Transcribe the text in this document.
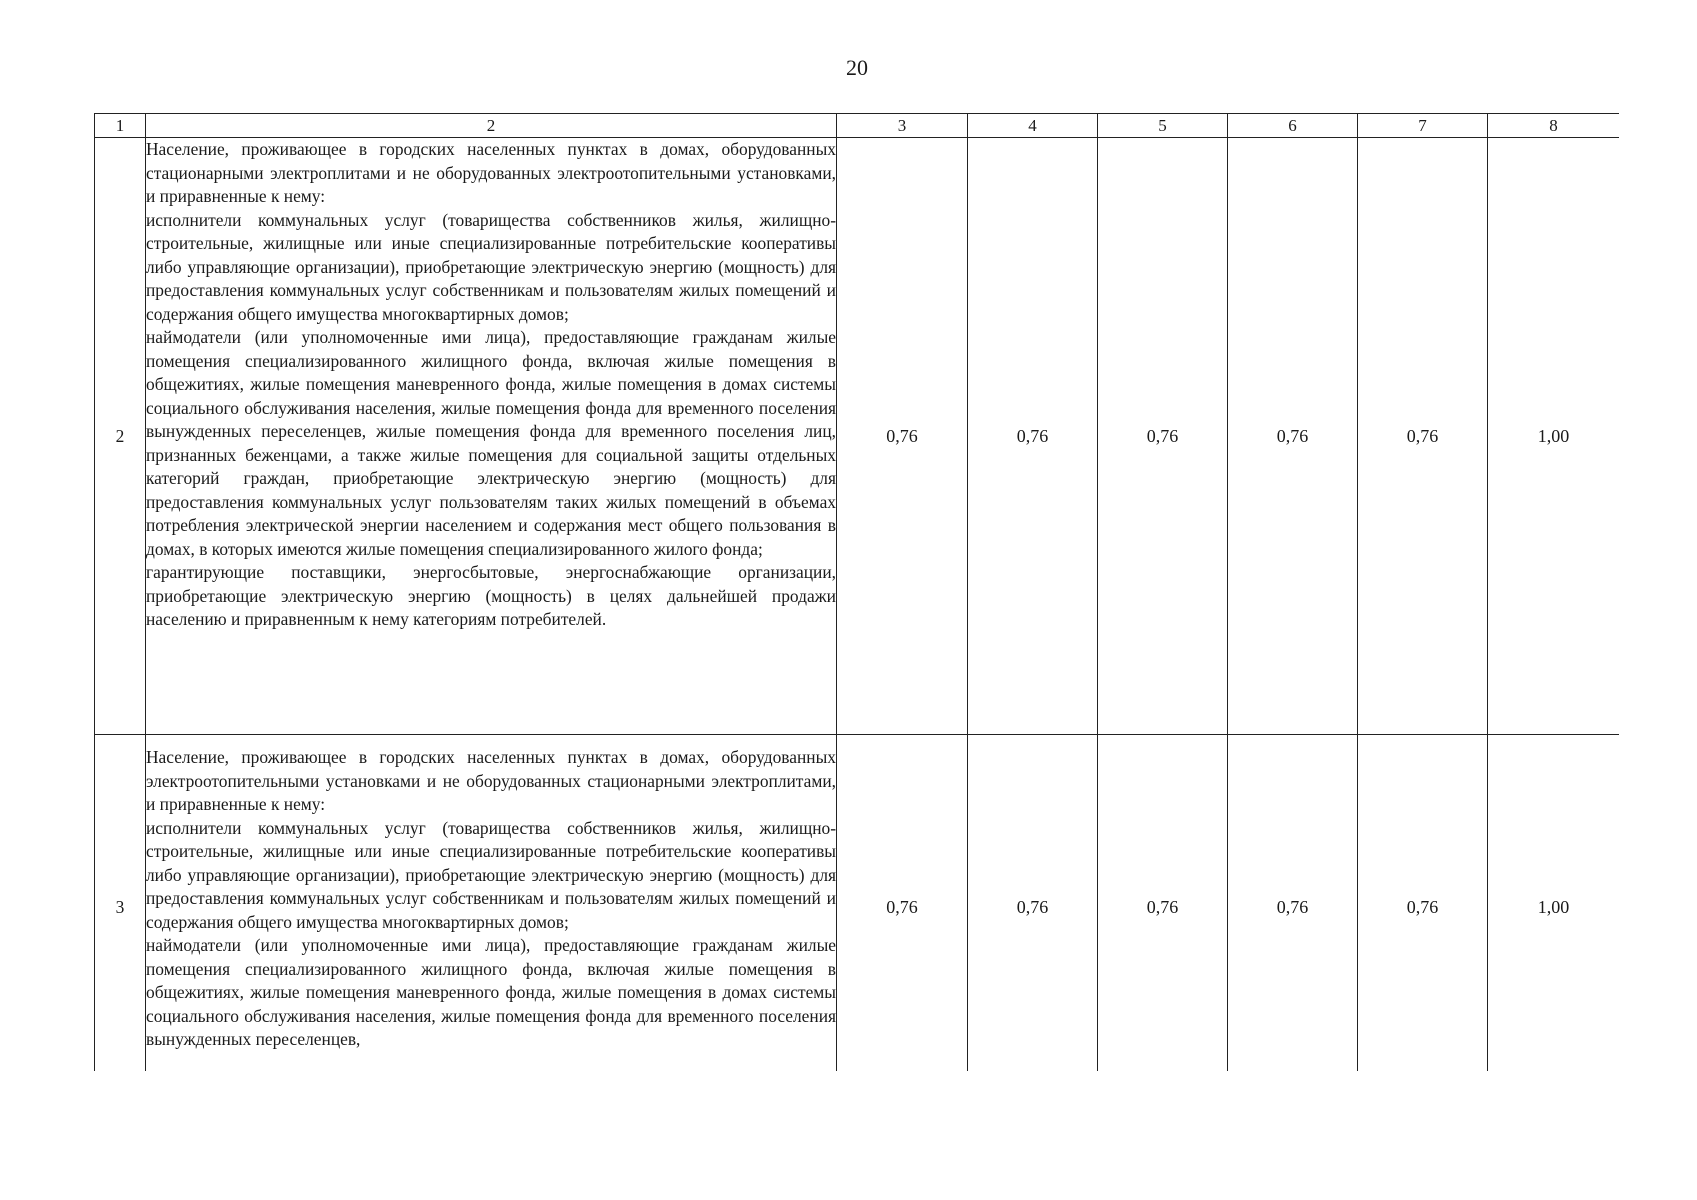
20
1	2	3	4	5	6	7	8
2	Население, проживающее в городских населенных пунктах в домах, оборудованных стационарными электроплитами и не оборудованных электроотопительными установками, и приравненные к нему:
исполнители коммунальных услуг (товарищества собственников жилья, жилищно-строительные, жилищные или иные специализированные потребительские кооперативы либо управляющие организации), приобретающие электрическую энергию (мощность) для предоставления коммунальных услуг собственникам и пользователям жилых помещений и содержания общего имущества многоквартирных домов;
наймодатели (или уполномоченные ими лица), предоставляющие гражданам жилые помещения специализированного жилищного фонда, включая жилые помещения в общежитиях, жилые помещения маневренного фонда, жилые помещения в домах системы социального обслуживания населения, жилые помещения фонда для временного поселения вынужденных переселенцев, жилые помещения фонда для временного поселения лиц, признанных беженцами, а также жилые помещения для социальной защиты отдельных категорий граждан, приобретающие электрическую энергию (мощность) для предоставления коммунальных услуг пользователям таких жилых помещений в объемах потребления электрической энергии населением и содержания мест общего пользования в домах, в которых имеются жилые помещения специализированного жилого фонда;
гарантирующие поставщики, энергосбытовые, энергоснабжающие организации, приобретающие электрическую энергию (мощность) в целях дальнейшей продажи населению и приравненным к нему категориям потребителей.	0,76	0,76	0,76	0,76	0,76	1,00
3	Население, проживающее в городских населенных пунктах в домах, оборудованных электроотопительными установками и не оборудованных стационарными электроплитами, и приравненные к нему:
исполнители коммунальных услуг (товарищества собственников жилья, жилищно-строительные, жилищные или иные специализированные потребительские кооперативы либо управляющие организации), приобретающие электрическую энергию (мощность) для предоставления коммунальных услуг собственникам и пользователям жилых помещений и содержания общего имущества многоквартирных домов;
наймодатели (или уполномоченные ими лица), предоставляющие гражданам жилые помещения специализированного жилищного фонда, включая жилые помещения в общежитиях, жилые помещения маневренного фонда, жилые помещения в домах системы социального обслуживания населения, жилые помещения фонда для временного поселения вынужденных переселенцев,	0,76	0,76	0,76	0,76	0,76	1,00
